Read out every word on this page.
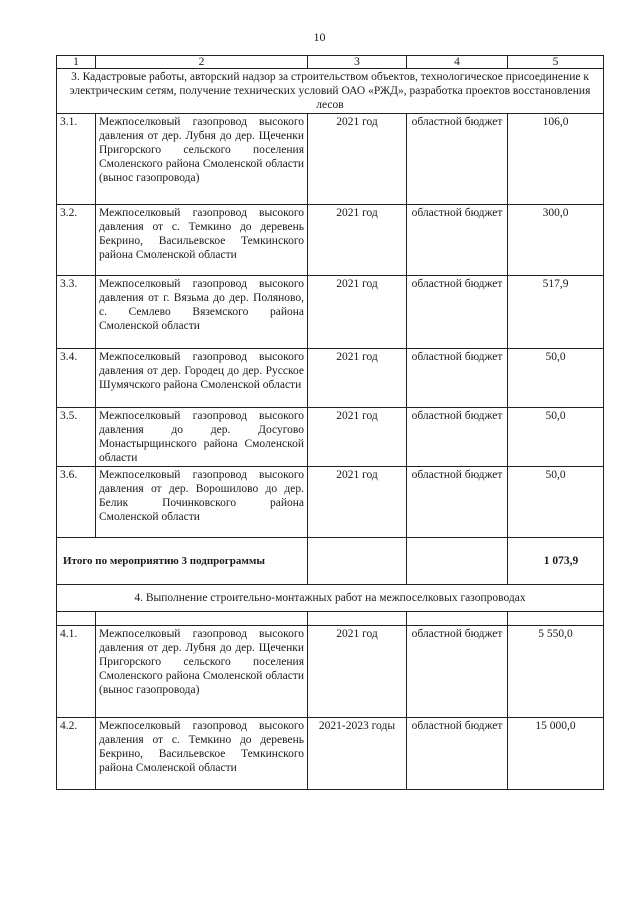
10
1	2	3	4	5
3. Кадастровые работы, авторский надзор за строительством объектов, технологическое присоединение к электрическим сетям, получение технических условий ОАО «РЖД», разработка проектов восстановления лесов				
3.1.	Межпоселковый газопровод высокого давления от дер. Лубня до дер. Щеченки Пригорского сельского поселения Смоленского района Смоленской области (вынос газопровода)	2021 год	областной бюджет	106,0
3.2.	Межпоселковый газопровод высокого давления от с. Темкино до деревень Бекрино, Васильевское Темкинского района Смоленской области	2021 год	областной бюджет	300,0
3.3.	Межпоселковый газопровод высокого давления от г. Вязьма до дер. Поляново, с. Семлево Вяземского района Смоленской области	2021 год	областной бюджет	517,9
3.4.	Межпоселковый газопровод высокого давления от дер. Городец до дер. Русское Шумячского района Смоленской области	2021 год	областной бюджет	50,0
3.5.	Межпоселковый газопровод высокого давления до дер. Досугово Монастырщинского района Смоленской области	2021 год	областной бюджет	50,0
3.6.	Межпоселковый газопровод высокого давления от дер. Ворошилово до дер. Белик Починковского района Смоленской области	2021 год	областной бюджет	50,0
Итого по мероприятию 3 подпрограммы				1 073,9
4. Выполнение строительно-монтажных работ на межпоселковых газопроводах				

4.1.	Межпоселковый газопровод высокого давления от дер. Лубня до дер. Щеченки Пригорского сельского поселения Смоленского района Смоленской области (вынос газопровода)	2021 год	областной бюджет	5 550,0
4.2.	Межпоселковый газопровод высокого давления от с. Темкино до деревень Бекрино, Васильевское Темкинского района Смоленской области	2021-2023 годы	областной бюджет	15 000,0
